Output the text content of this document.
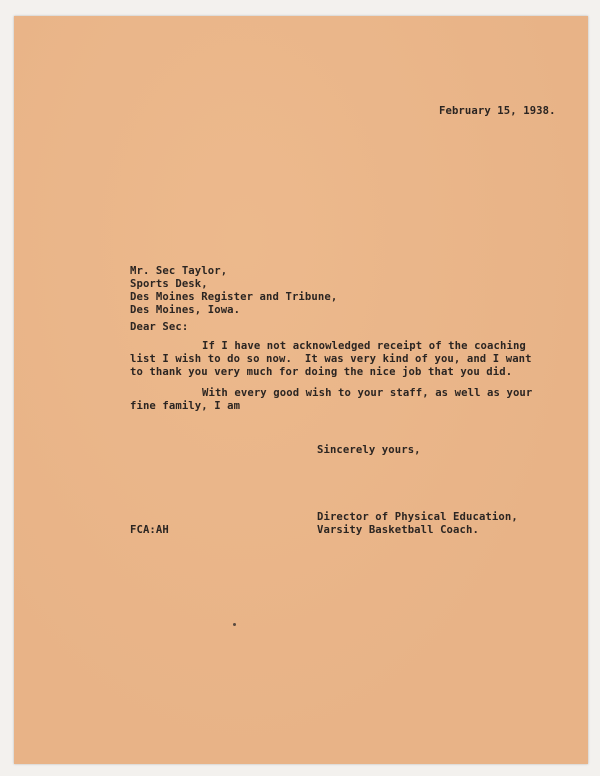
February 15, 1938.
Mr. Sec Taylor,
Sports Desk,
Des Moines Register and Tribune,
Des Moines, Iowa.
Dear Sec:
If I have not acknowledged receipt of the coaching
list I wish to do so now.  It was very kind of you, and I want
to thank you very much for doing the nice job that you did.
With every good wish to your staff, as well as your
fine family, I am
Sincerely yours,
Director of Physical Education,
Varsity Basketball Coach.
FCA:AH
